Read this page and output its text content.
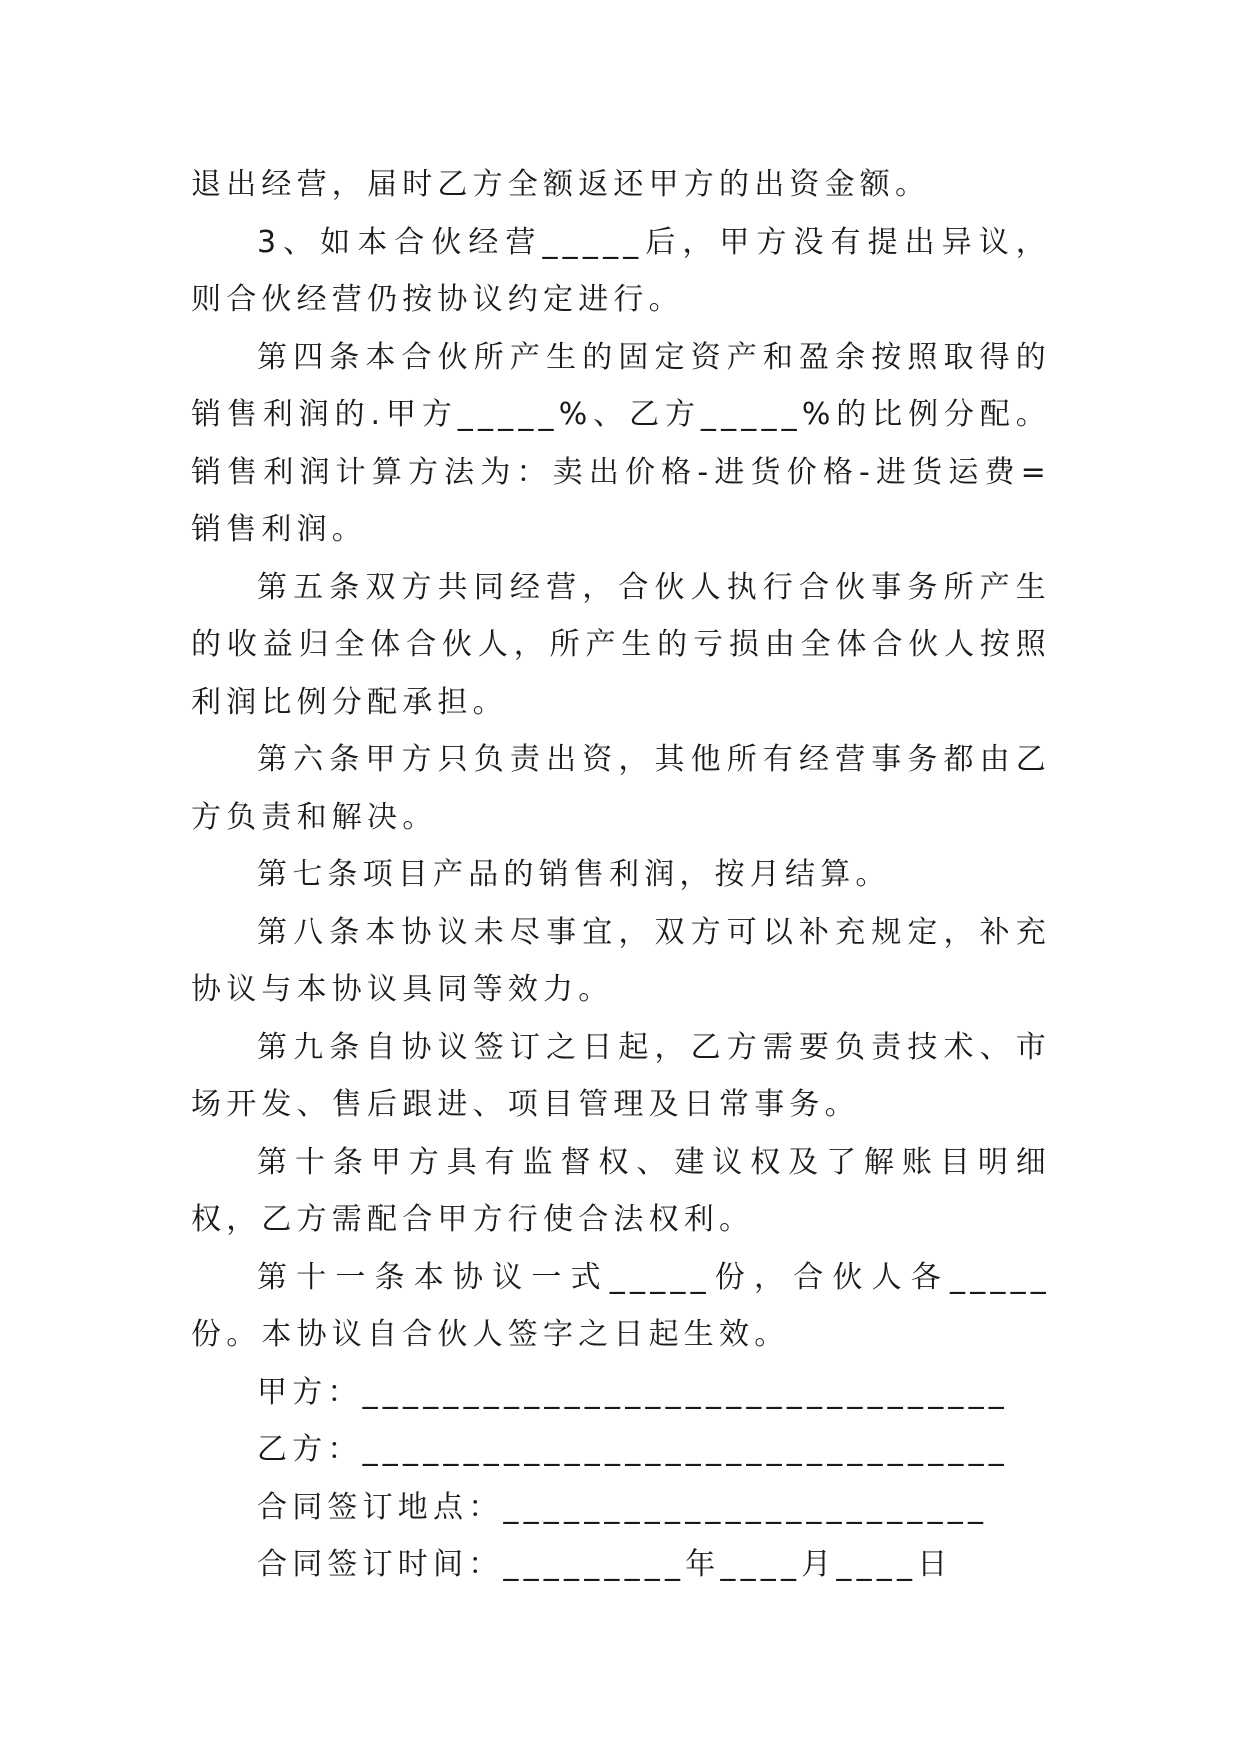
退出经营，届时乙方全额返还甲方的出资金额。

3、如本合伙经营_____后，甲方没有提出异议，则合伙经营仍按协议约定进行。

第四条本合伙所产生的固定资产和盈余按照取得的销售利润的.甲方_____%、乙方_____%的比例分配。销售利润计算方法为：卖出价格-进货价格-进货运费=销售利润。

第五条双方共同经营，合伙人执行合伙事务所产生的收益归全体合伙人，所产生的亏损由全体合伙人按照利润比例分配承担。

第六条甲方只负责出资，其他所有经营事务都由乙方负责和解决。

第七条项目产品的销售利润，按月结算。

第八条本协议未尽事宜，双方可以补充规定，补充协议与本协议具同等效力。

第九条自协议签订之日起，乙方需要负责技术、市场开发、售后跟进、项目管理及日常事务。

第十条甲方具有监督权、建议权及了解账目明细权，乙方需配合甲方行使合法权利。

第十一条本协议一式_____份，合伙人各_____份。本协议自合伙人签字之日起生效。

甲方：________________________________

乙方：________________________________

合同签订地点：________________________

合同签订时间：_________年____月____日
